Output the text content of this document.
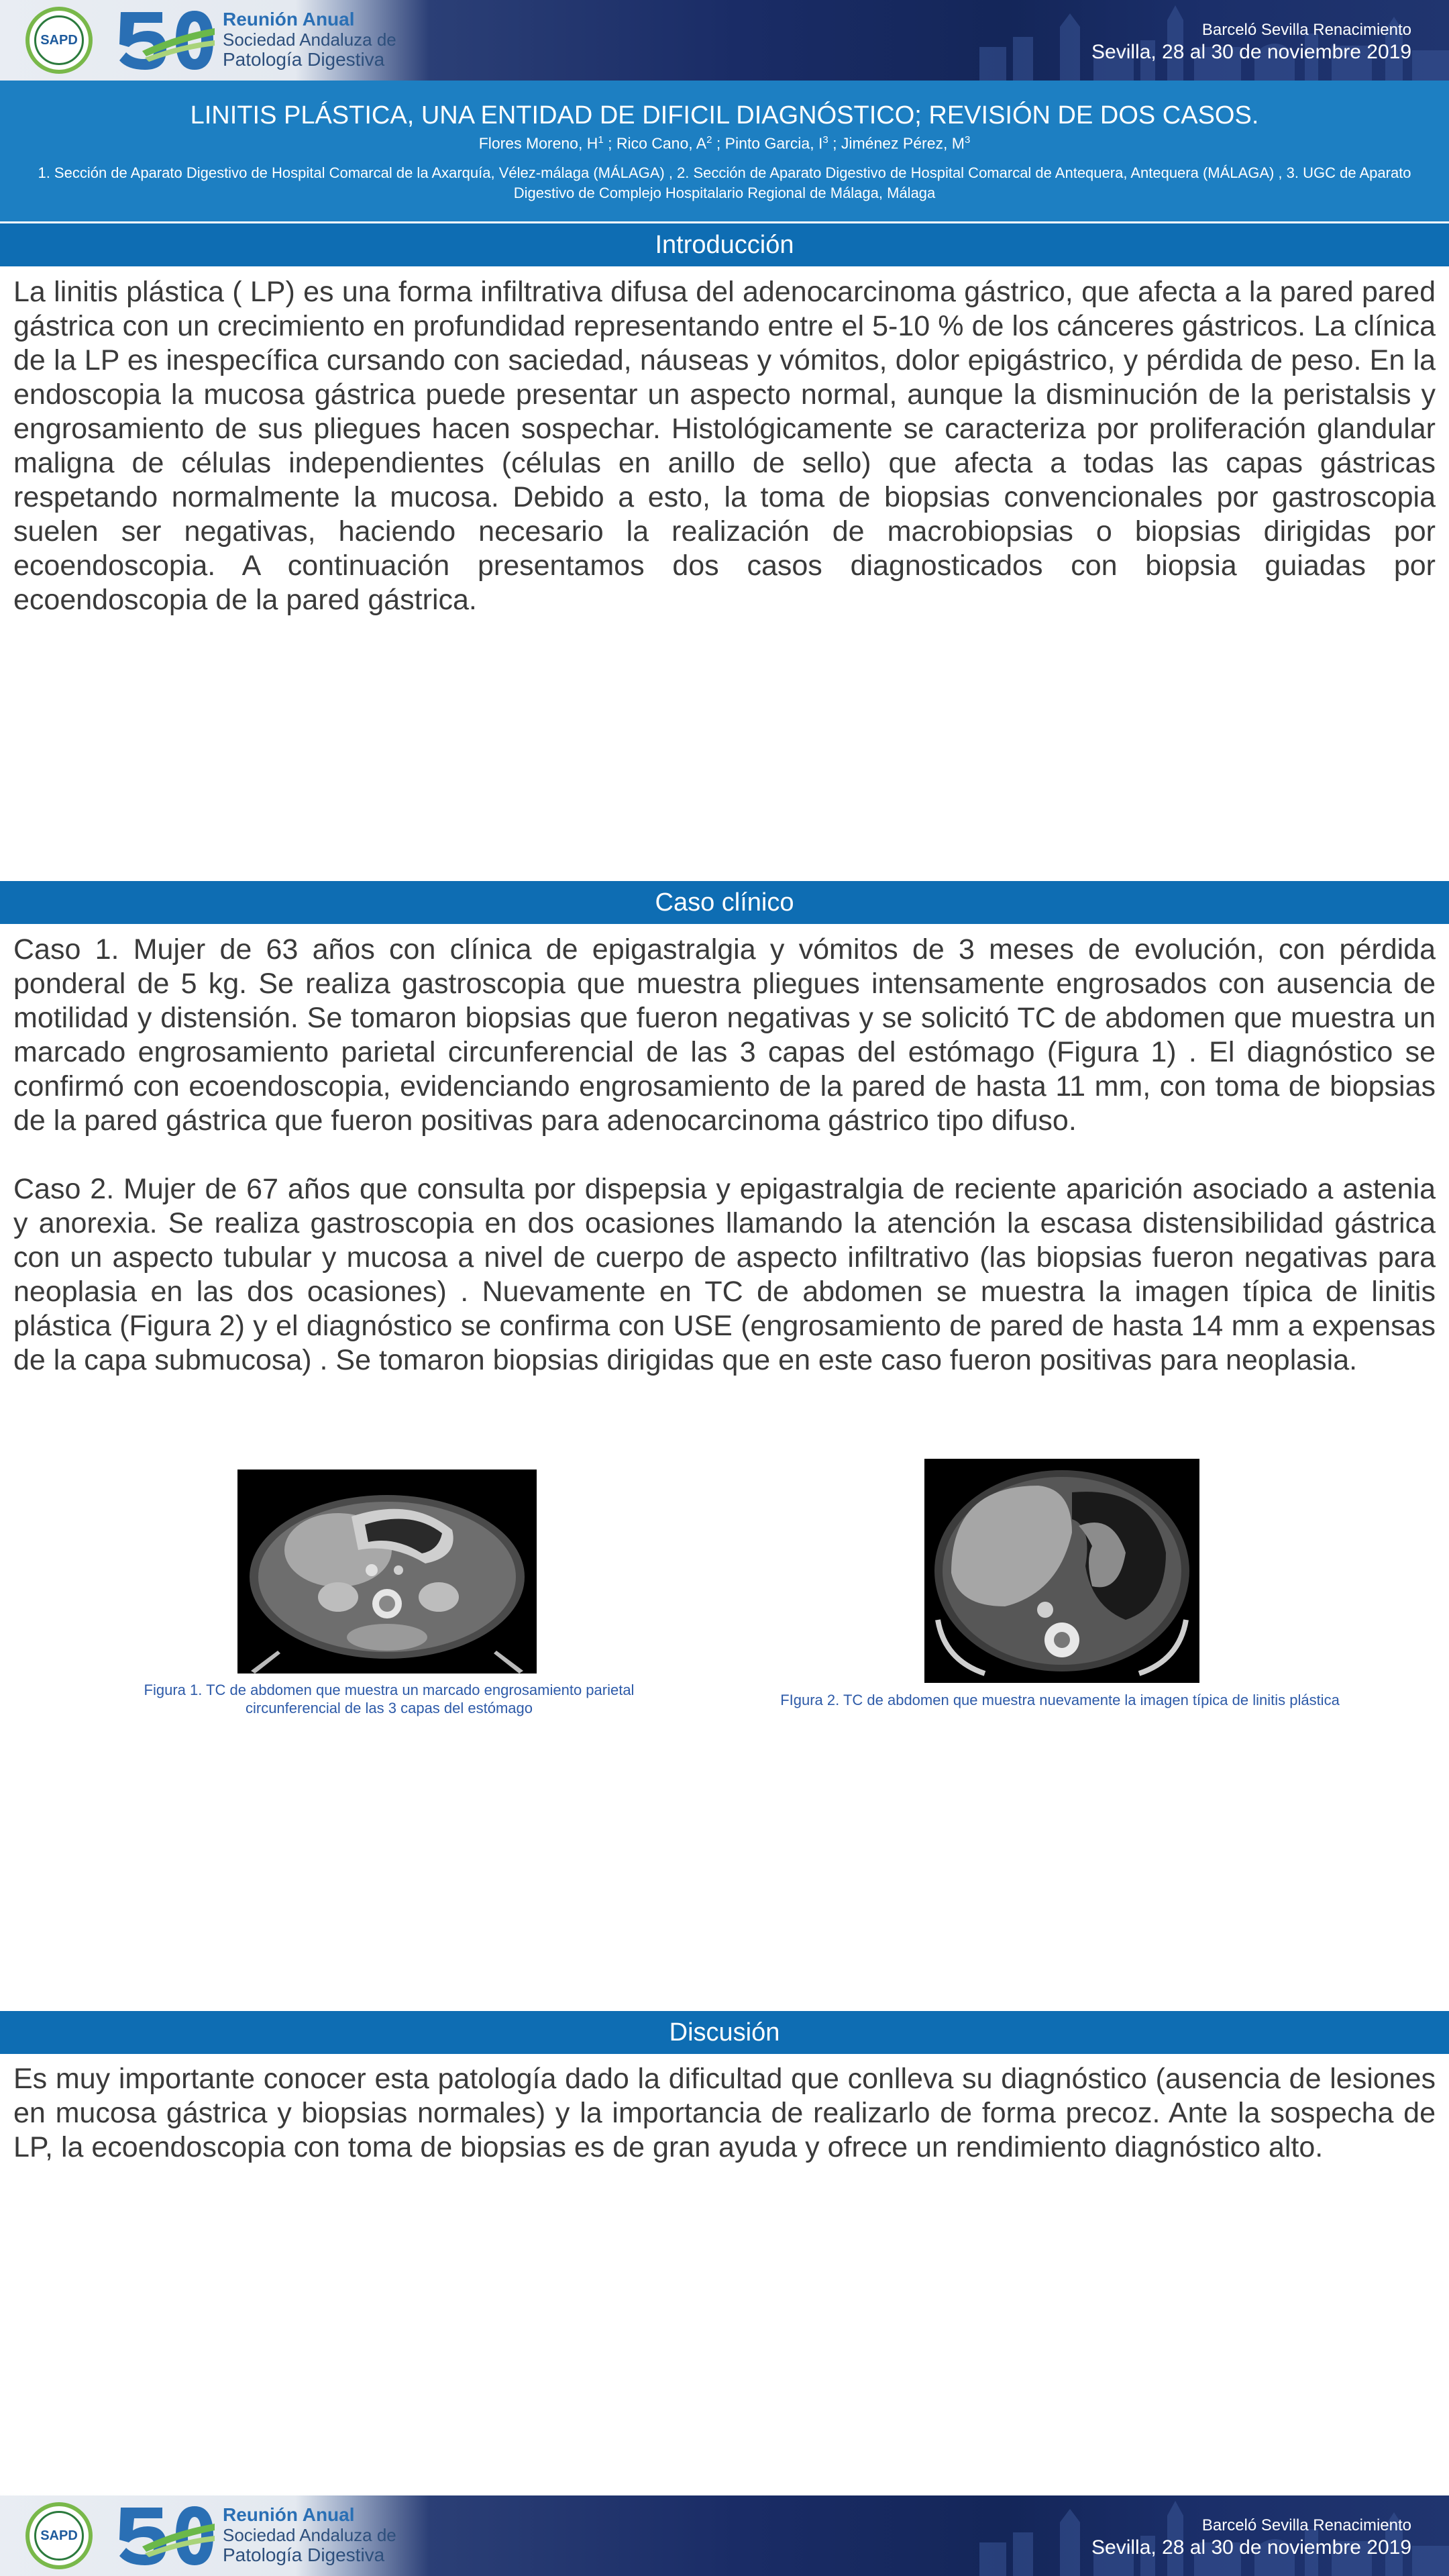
SAPD
Reunión Anual
Sociedad Andaluza de
Patología Digestiva
Barceló Sevilla Renacimiento
Sevilla, 28 al 30 de noviembre 2019
LINITIS PLÁSTICA, UNA ENTIDAD DE DIFICIL DIAGNÓSTICO; REVISIÓN DE DOS CASOS.
Flores Moreno, $H^1$ ; Rico Cano, $A^2$ ; Pinto Garcia, $I^3$ ; Jiménez Pérez, $M^3$
1. Sección de Aparato Digestivo de Hospital Comarcal de la Axarquía, Vélez-málaga (MÁLAGA) , 2. Sección de Aparato Digestivo de Hospital Comarcal de Antequera, Antequera (MÁLAGA) , 3. UGC de Aparato Digestivo de Complejo Hospitalario Regional de Málaga, Málaga
Introducción

La linitis plástica ( LP) es una forma infiltrativa difusa del adenocarcinoma gástrico, que afecta a la pared pared gástrica con un crecimiento en profundidad representando entre el 5-10 % de los cánceres gástricos. La clínica de la LP es inespecífica cursando con saciedad, náuseas y vómitos, dolor epigástrico, y pérdida de peso. En la endoscopia la mucosa gástrica puede presentar un aspecto normal, aunque la disminución de la peristalsis y engrosamiento de sus pliegues hacen sospechar. Histológicamente se caracteriza por proliferación glandular maligna de células independientes (células en anillo de sello) que afecta a todas las capas gástricas respetando normalmente la mucosa. Debido a esto, la toma de biopsias convencionales por gastroscopia suelen ser negativas, haciendo necesario la realización de macrobiopsias o biopsias dirigidas por ecoendoscopia. A continuación presentamos dos casos diagnosticados con biopsia guiadas por ecoendoscopia de la pared gástrica.

Caso clínico

Caso 1. Mujer de 63 años con clínica de epigastralgia y vómitos de 3 meses de evolución, con pérdida ponderal de 5 kg. Se realiza gastroscopia que muestra pliegues intensamente engrosados con ausencia de motilidad y distensión. Se tomaron biopsias que fueron negativas y se solicitó TC de abdomen que muestra un marcado engrosamiento parietal circunferencial de las 3 capas del estómago (Figura 1) . El diagnóstico se confirmó con ecoendoscopia, evidenciando engrosamiento de la pared de hasta 11 mm, con toma de biopsias de la pared gástrica que fueron positivas para adenocarcinoma gástrico tipo difuso.

Caso 2. Mujer de 67 años que consulta por dispepsia y epigastralgia de reciente aparición asociado a astenia y anorexia. Se realiza gastroscopia en dos ocasiones llamando la atención la escasa distensibilidad gástrica con un aspecto tubular y mucosa a nivel de cuerpo de aspecto infiltrativo (las biopsias fueron negativas para neoplasia en las dos ocasiones) . Nuevamente en TC de abdomen se muestra la imagen típica de linitis plástica (Figura 2) y el diagnóstico se confirma con USE (engrosamiento de pared de hasta 14 mm a expensas de la capa submucosa) . Se tomaron biopsias dirigidas que en este caso fueron positivas para neoplasia.

Figura 1. TC de abdomen que muestra un marcado engrosamiento parietal circunferencial de las 3 capas del estómago	FIgura 2. TC de abdomen que muestra nuevamente la imagen típica de linitis plástica
Discusión

Es muy importante conocer esta patología dado la dificultad que conlleva su diagnóstico (ausencia de lesiones en mucosa gástrica y biopsias normales) y la importancia de realizarlo de forma precoz. Ante la sospecha de LP, la ecoendoscopia con toma de biopsias es de gran ayuda y ofrece un rendimiento diagnóstico alto.

SAPD
Reunión Anual
Sociedad Andaluza de
Patología Digestiva
Barceló Sevilla Renacimiento
Sevilla, 28 al 30 de noviembre 2019
